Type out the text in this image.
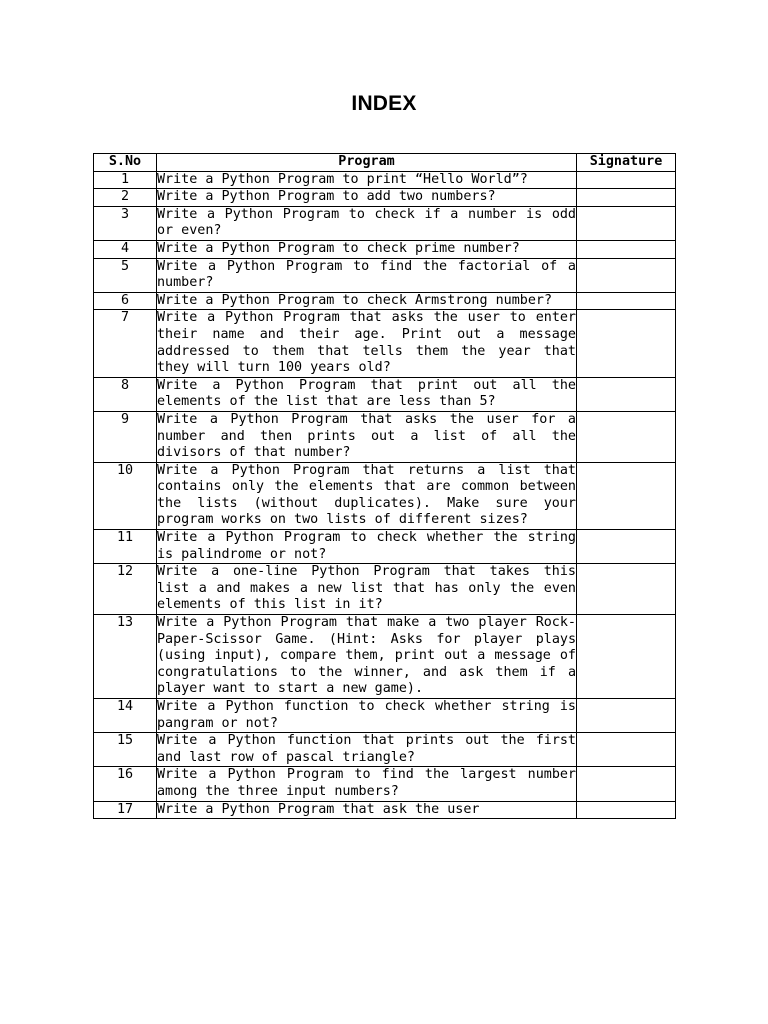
INDEX
S.No	Program	Signature
1	Write a Python Program to print “Hello World”?	
2	Write a Python Program to add two numbers?	
3	Write a Python Program to check if a number is odd or even?	
4	Write a Python Program to check prime number?	
5	Write a Python Program to find the factorial of a number?	
6	Write a Python Program to check Armstrong number?	
7	Write a Python Program that asks the user to enter their name and their age. Print out a message addressed to them that tells them the year that they will turn 100 years old?	
8	Write a Python Program that print out all the elements of the list that are less than 5?	
9	Write a Python Program that asks the user for a number and then prints out a list of all the divisors of that number?	
10	Write a Python Program that returns a list that contains only the elements that are common between the lists (without duplicates). Make sure your program works on two lists of different sizes?	
11	Write a Python Program to check whether the string is palindrome or not?	
12	Write a one-line Python Program that takes this list a and makes a new list that has only the even elements of this list in it?	
13	Write a Python Program that make a two player Rock-Paper-Scissor Game. (Hint: Asks for player plays (using input), compare them, print out a message of congratulations to the winner, and ask them if a player want to start a new game).	
14	Write a Python function to check whether string is pangram or not?	
15	Write a Python function that prints out the first and last row of pascal triangle?	
16	Write a Python Program to find the largest number among the three input numbers?	
17	Write a Python Program that ask the user	
